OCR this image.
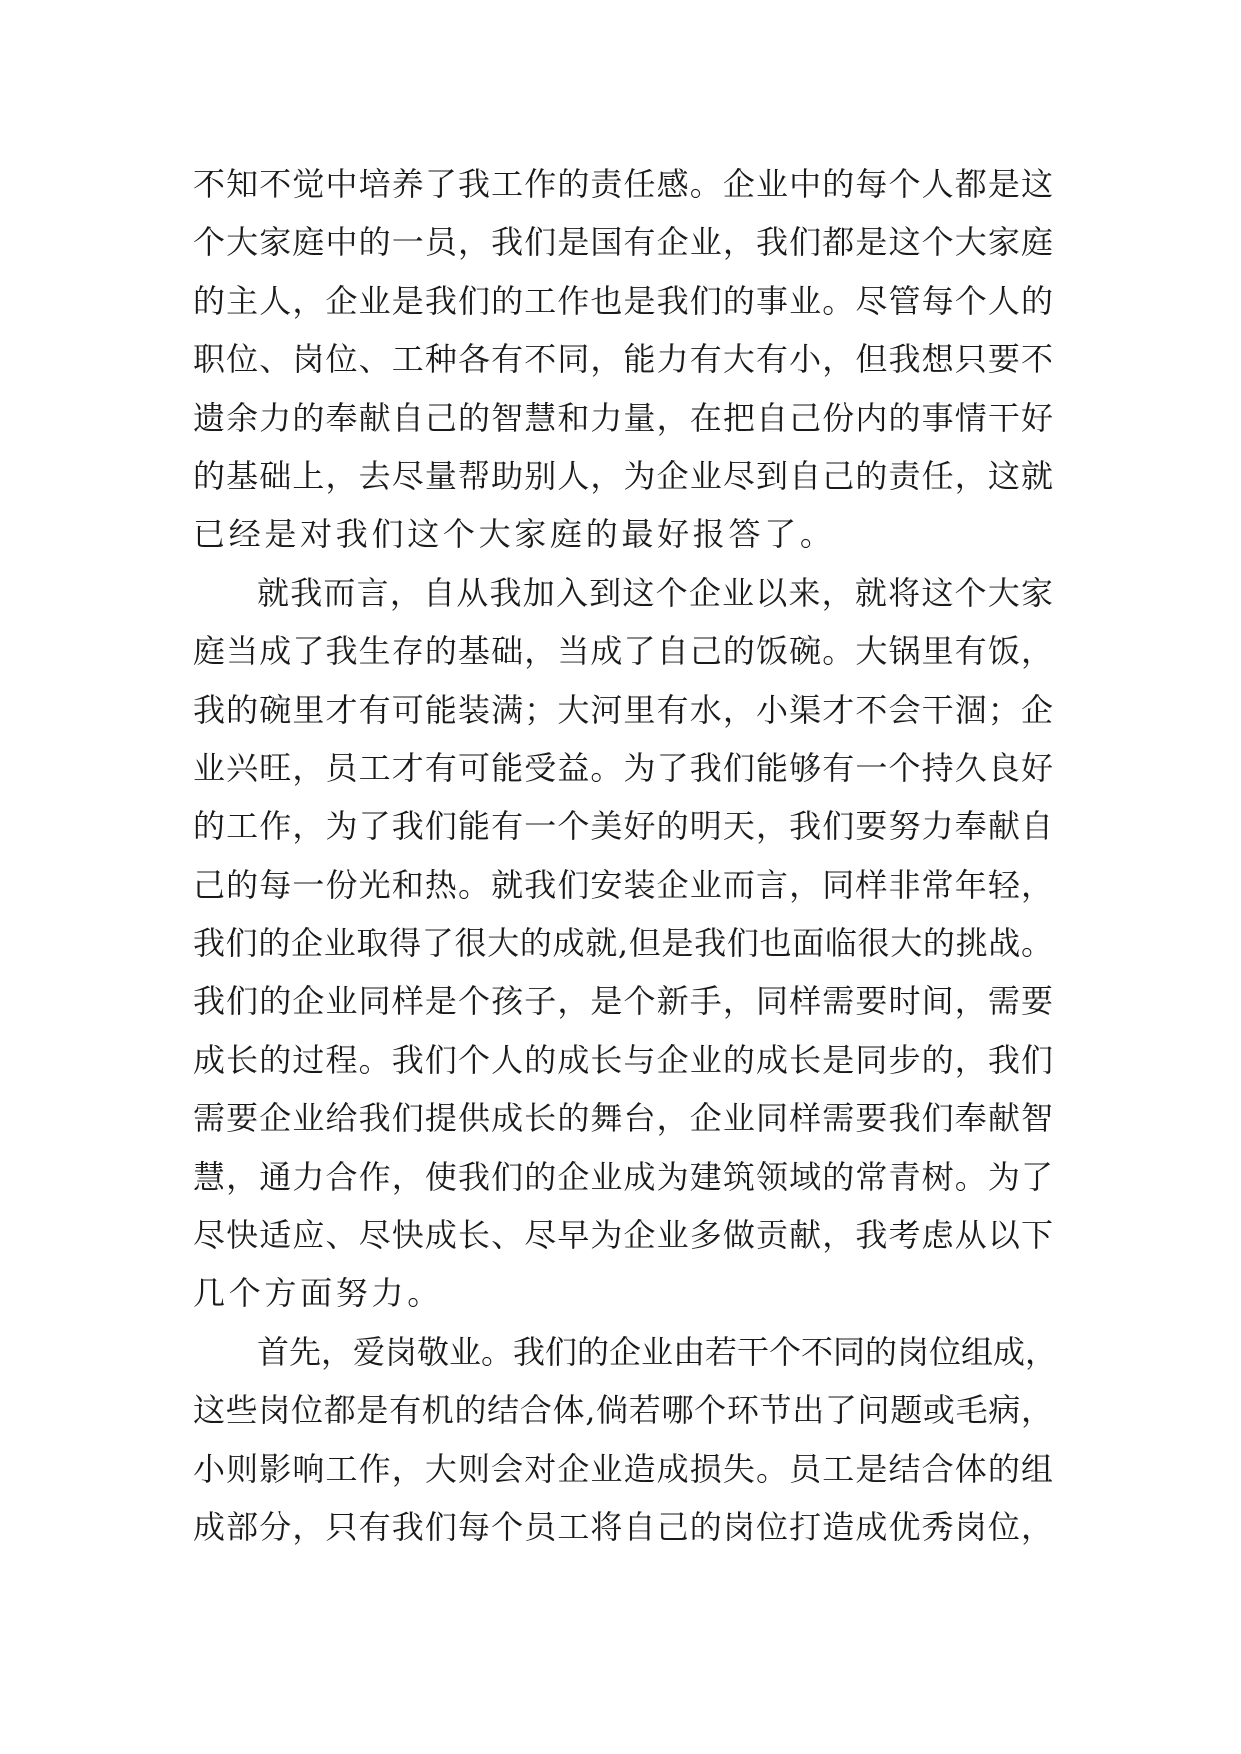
不知不觉中培养了我工作的责任感。企业中的每个人都是这
个大家庭中的一员，我们是国有企业，我们都是这个大家庭
的主人，企业是我们的工作也是我们的事业。尽管每个人的
职位、岗位、工种各有不同，能力有大有小，但我想只要不
遗余力的奉献自己的智慧和力量，在把自己份内的事情干好
的基础上，去尽量帮助别人，为企业尽到自己的责任，这就
已经是对我们这个大家庭的最好报答了。
就我而言，自从我加入到这个企业以来，就将这个大家
庭当成了我生存的基础，当成了自己的饭碗。大锅里有饭，
我的碗里才有可能装满；大河里有水，小渠才不会干涸；企
业兴旺，员工才有可能受益。为了我们能够有一个持久良好
的工作，为了我们能有一个美好的明天，我们要努力奉献自
己的每一份光和热。就我们安装企业而言，同样非常年轻，
我们的企业取得了很大的成就,但是我们也面临很大的挑战。
我们的企业同样是个孩子，是个新手，同样需要时间，需要
成长的过程。我们个人的成长与企业的成长是同步的，我们
需要企业给我们提供成长的舞台，企业同样需要我们奉献智
慧，通力合作，使我们的企业成为建筑领域的常青树。为了
尽快适应、尽快成长、尽早为企业多做贡献，我考虑从以下
几个方面努力。
首先，爱岗敬业。我们的企业由若干个不同的岗位组成，
这些岗位都是有机的结合体,倘若哪个环节出了问题或毛病，
小则影响工作，大则会对企业造成损失。员工是结合体的组
成部分，只有我们每个员工将自己的岗位打造成优秀岗位，
